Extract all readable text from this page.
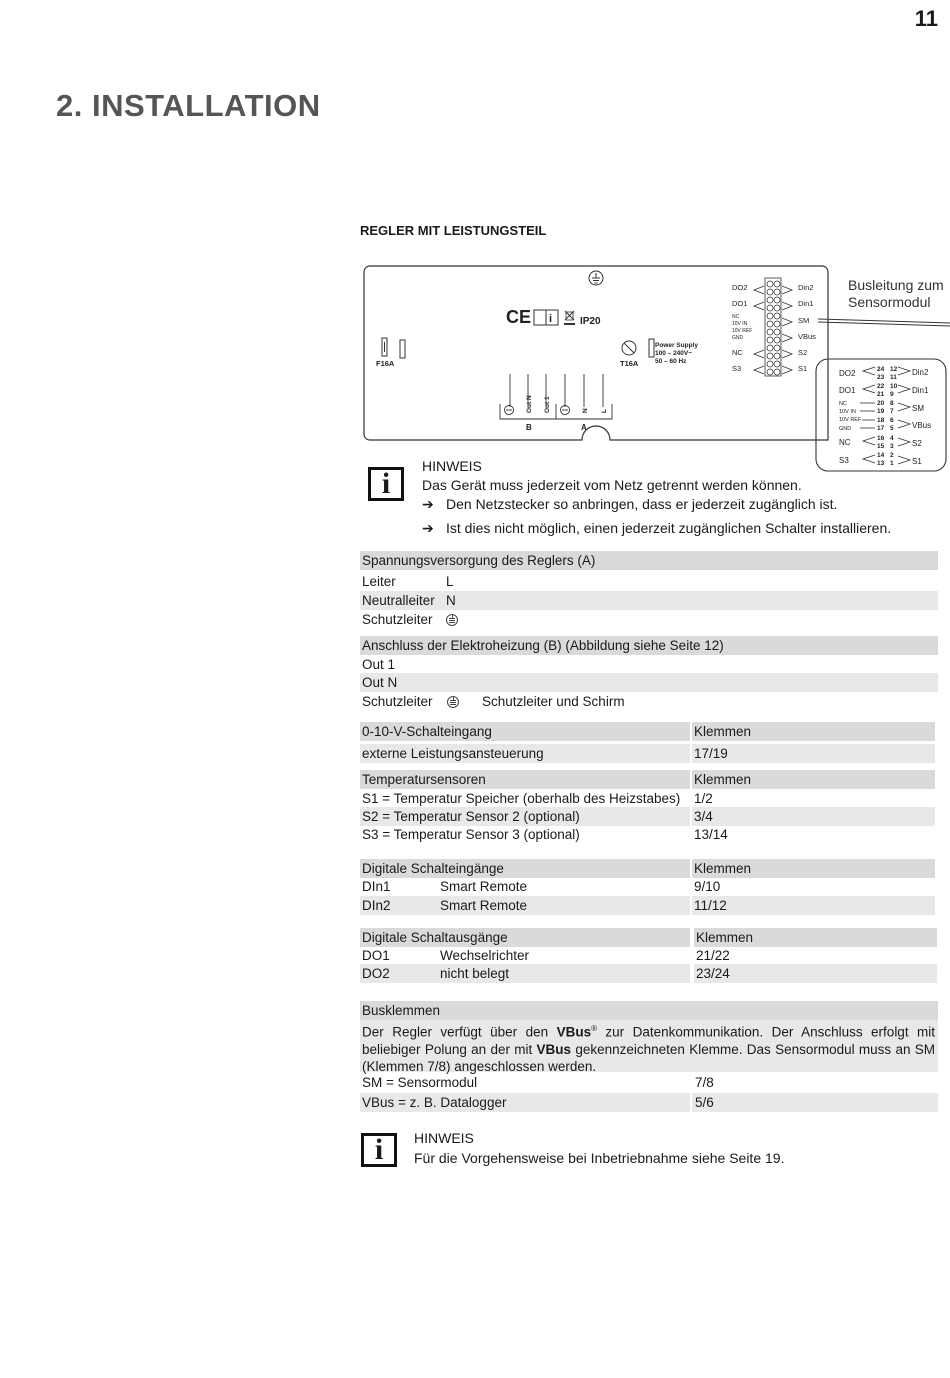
11
2. INSTALLATION
REGLER MIT LEISTUNGSTEIL
CE i	IP20
F16A	T16A
Power Supply
100 – 240V~
50 – 60 Hz
Out N Out 1	N L
B	A
DO2
DO1
NC
10V IN
10V REF
GND
NC
S3
Din2
Din1
SM
VBus
S2
S1
DO2
DO1
NC
10V IN
10V REF
GND
NC
S3
24 12
23 11
22 10
21 9
20 8
19 7
18 6
17 5
16 4
15 3
14 2
13 1
Din2
Din1
SM
VBus
S2
S1
Busleitung zum
Sensormodul
i
HINWEIS
Das Gerät muss jederzeit vom Netz getrennt werden können.
➔ Den Netzstecker so anbringen, dass er jederzeit zugänglich ist.
➔ Ist dies nicht möglich, einen jederzeit zugänglichen Schalter installieren.
Spannungsversorgung des Reglers (A)
Leiter	L
Neutralleiter N
Schutzleiter
Anschluss der Elektroheizung (B) (Abbildung siehe Seite 12)
Out 1
Out N
Schutzleiter	Schutzleiter und Schirm
0-10-V-Schalteingang	Klemmen
externe Leistungsansteuerung	17/19
Temperatursensoren	Klemmen
S1 = Temperatur Speicher (oberhalb des Heizstabes) 1/2
S2 = Temperatur Sensor 2 (optional)	3/4
S3 = Temperatur Sensor 3 (optional)	13/14
Digitale Schalteingänge	Klemmen
DIn1	Smart Remote	9/10
DIn2	Smart Remote	11/12
Digitale Schaltausgänge	Klemmen
DO1	Wechselrichter	21/22
DO2	nicht belegt	23/24
Busklemmen
Der Regler verfügt über den VBus® zur Datenkommunikation. Der Anschluss erfolgt mit beliebiger Polung an der mit VBus gekennzeichneten Klemme. Das Sensormodul muss an SM (Klemmen 7/8) angeschlossen werden.
SM = Sensormodul	7/8
VBus = z. B. Datalogger	5/6
i	HINWEIS
Für die Vorgehensweise bei Inbetriebnahme siehe Seite 19.
